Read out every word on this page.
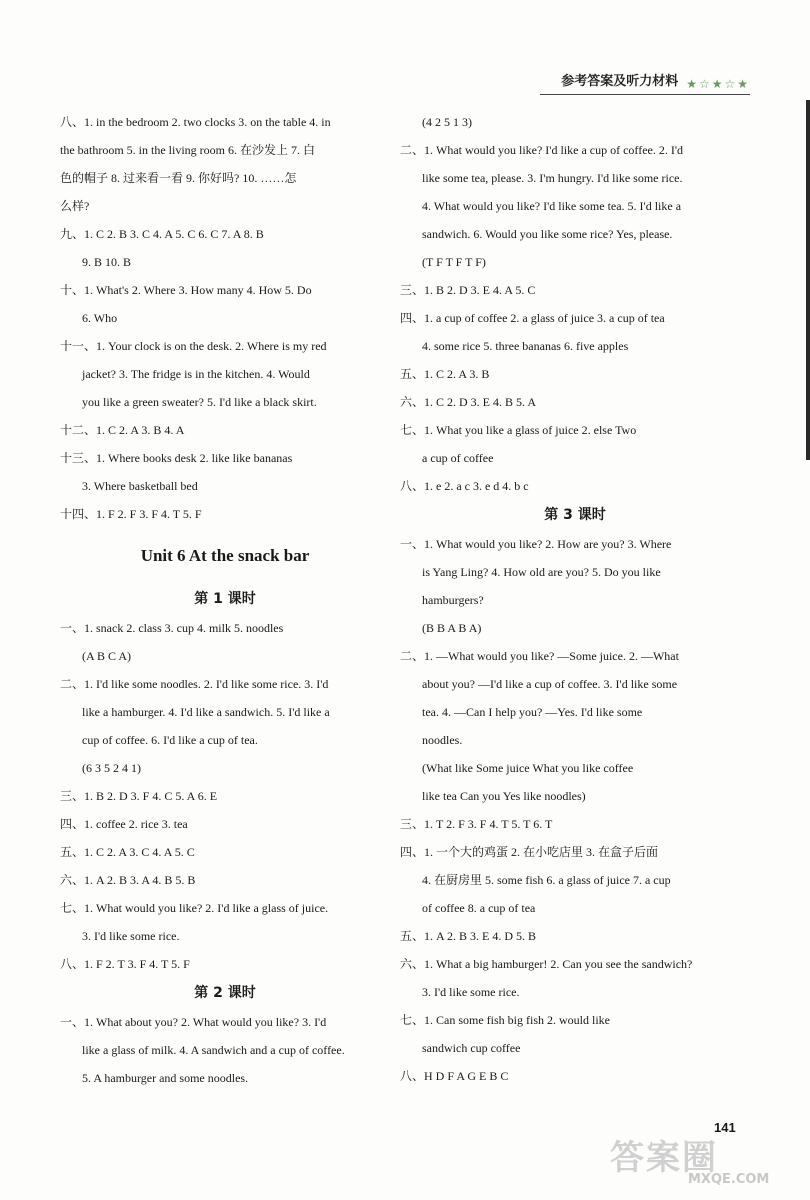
参考答案及听力材料 ★☆★☆★
八、1. in the bedroom 2. two clocks 3. on the table 4. in
the bathroom 5. in the living room 6. 在沙发上 7. 白
色的帽子 8. 过来看一看 9. 你好吗? 10. ……怎
么样?
九、1. C 2. B 3. C 4. A 5. C 6. C 7. A 8. B
9. B 10. B
十、1. What's 2. Where 3. How many 4. How 5. Do
6. Who
十一、1. Your clock is on the desk. 2. Where is my red
jacket? 3. The fridge is in the kitchen. 4. Would
you like a green sweater? 5. I'd like a black skirt.
十二、1. C 2. A 3. B 4. A
十三、1. Where books desk 2. like like bananas
3. Where basketball bed
十四、1. F 2. F 3. F 4. T 5. F
Unit 6 At the snack bar
第 1 课时
一、1. snack 2. class 3. cup 4. milk 5. noodles
(A B C A)
二、1. I'd like some noodles. 2. I'd like some rice. 3. I'd
like a hamburger. 4. I'd like a sandwich. 5. I'd like a
cup of coffee. 6. I'd like a cup of tea.
(6 3 5 2 4 1)
三、1. B 2. D 3. F 4. C 5. A 6. E
四、1. coffee 2. rice 3. tea
五、1. C 2. A 3. C 4. A 5. C
六、1. A 2. B 3. A 4. B 5. B
七、1. What would you like? 2. I'd like a glass of juice.
3. I'd like some rice.
八、1. F 2. T 3. F 4. T 5. F
第 2 课时
一、1. What about you? 2. What would you like? 3. I'd
like a glass of milk. 4. A sandwich and a cup of coffee.
5. A hamburger and some noodles.
(4 2 5 1 3)
二、1. What would you like? I'd like a cup of coffee. 2. I'd
like some tea, please. 3. I'm hungry. I'd like some rice.
4. What would you like? I'd like some tea. 5. I'd like a
sandwich. 6. Would you like some rice? Yes, please.
(T F T F T F)
三、1. B 2. D 3. E 4. A 5. C
四、1. a cup of coffee 2. a glass of juice 3. a cup of tea
4. some rice 5. three bananas 6. five apples
五、1. C 2. A 3. B
六、1. C 2. D 3. E 4. B 5. A
七、1. What you like a glass of juice 2. else Two
a cup of coffee
八、1. e 2. a c 3. e d 4. b c
第 3 课时
一、1. What would you like? 2. How are you? 3. Where
is Yang Ling? 4. How old are you? 5. Do you like
hamburgers?
(B B A B A)
二、1. —What would you like? —Some juice. 2. —What
about you? —I'd like a cup of coffee. 3. I'd like some
tea. 4. —Can I help you? —Yes. I'd like some
noodles.
(What like Some juice What you like coffee
like tea Can you Yes like noodles)
三、1. T 2. F 3. F 4. T 5. T 6. T
四、1. 一个大的鸡蛋 2. 在小吃店里 3. 在盒子后面
4. 在厨房里 5. some fish 6. a glass of juice 7. a cup
of coffee 8. a cup of tea
五、1. A 2. B 3. E 4. D 5. B
六、1. What a big hamburger! 2. Can you see the sandwich?
3. I'd like some rice.
七、1. Can some fish big fish 2. would like
sandwich cup coffee
八、H D F A G E B C
141
答案圈
MXQE.COM
